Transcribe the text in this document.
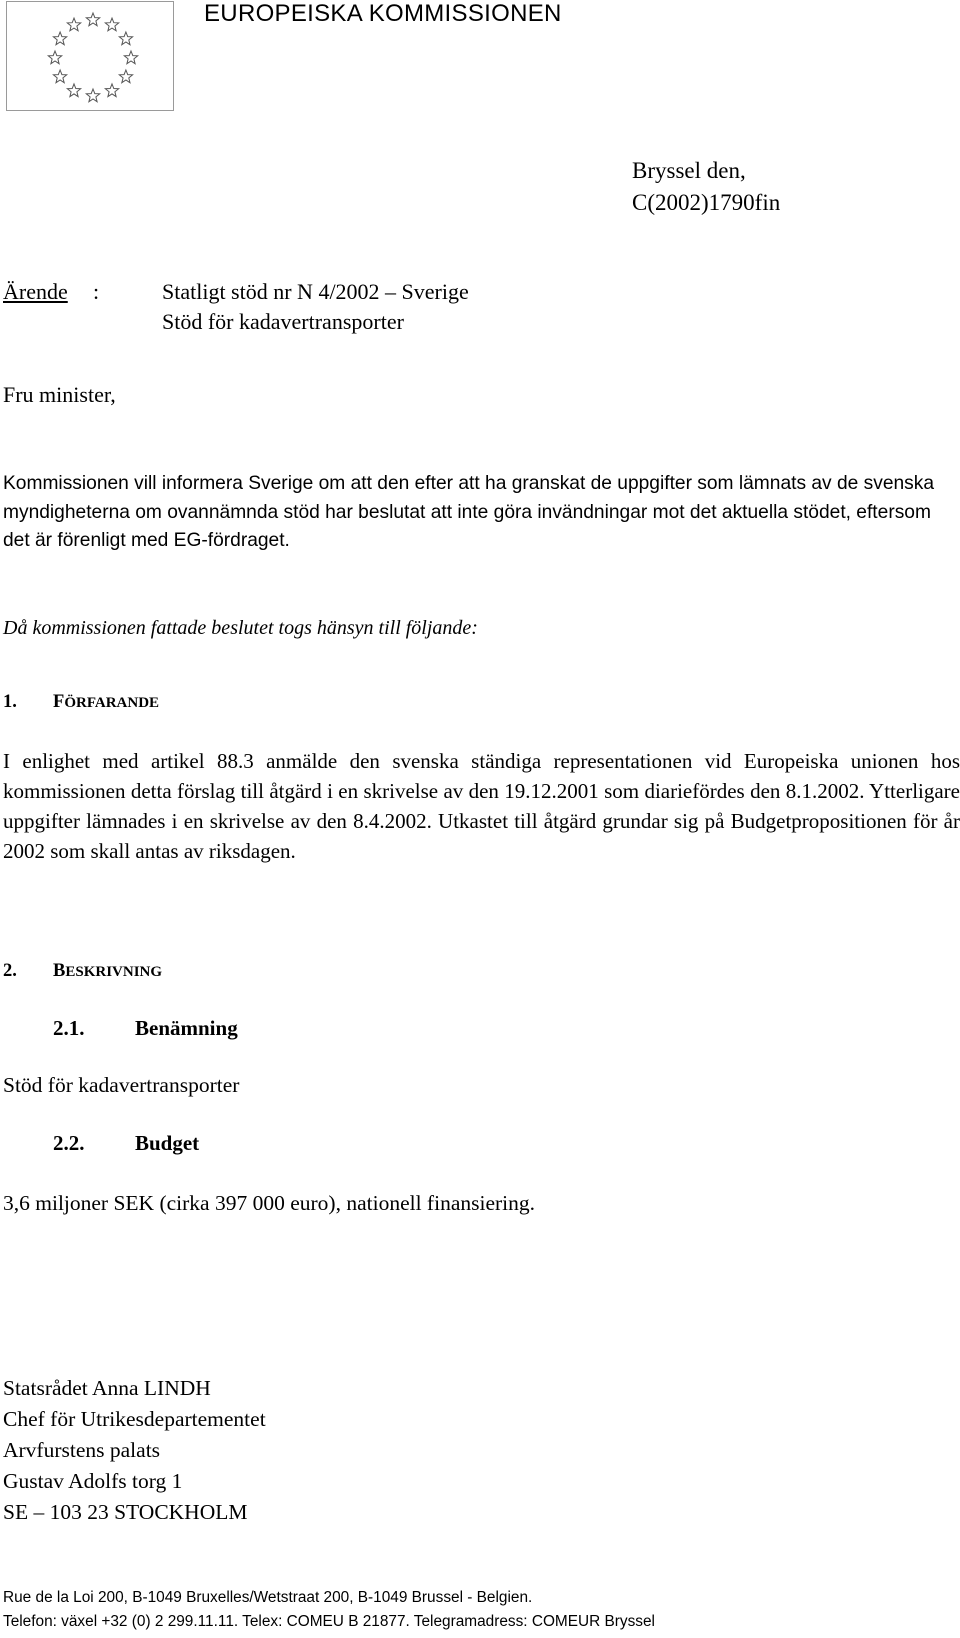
EUROPEISKA KOMMISSIONEN
Bryssel den,
C(2002)1790fin
Ärende :	Statligt stöd nr N 4/2002 – Sverige
Stöd för kadavertransporter
Fru minister,
Kommissionen vill informera Sverige om att den efter att ha granskat de uppgifter som lämnats av de svenska myndigheterna om ovannämnda stöd har beslutat att inte göra invändningar mot det aktuella stödet, eftersom det är förenligt med EG-fördraget.
Då kommissionen fattade beslutet togs hänsyn till följande:
1. FÖRFARANDE
I enlighet med artikel 88.3 anmälde den svenska ständiga representationen vid Europeiska unionen hos kommissionen detta förslag till åtgärd i en skrivelse av den 19.12.2001 som diariefördes den 8.1.2002. Ytterligare uppgifter lämnades i en skrivelse av den 8.4.2002. Utkastet till åtgärd grundar sig på Budgetpropositionen för år 2002 som skall antas av riksdagen.
2. BESKRIVNING
2.1. Benämning
Stöd för kadavertransporter
2.2. Budget
3,6 miljoner SEK (cirka 397 000 euro), nationell finansiering.
Statsrådet Anna LINDH
Chef för Utrikesdepartementet
Arvfurstens palats
Gustav Adolfs torg 1
SE – 103 23 STOCKHOLM
Rue de la Loi 200, B-1049 Bruxelles/Wetstraat 200, B-1049 Brussel - Belgien.
Telefon: växel +32 (0) 2 299.11.11. Telex: COMEU B 21877. Telegramadress: COMEUR Bryssel
